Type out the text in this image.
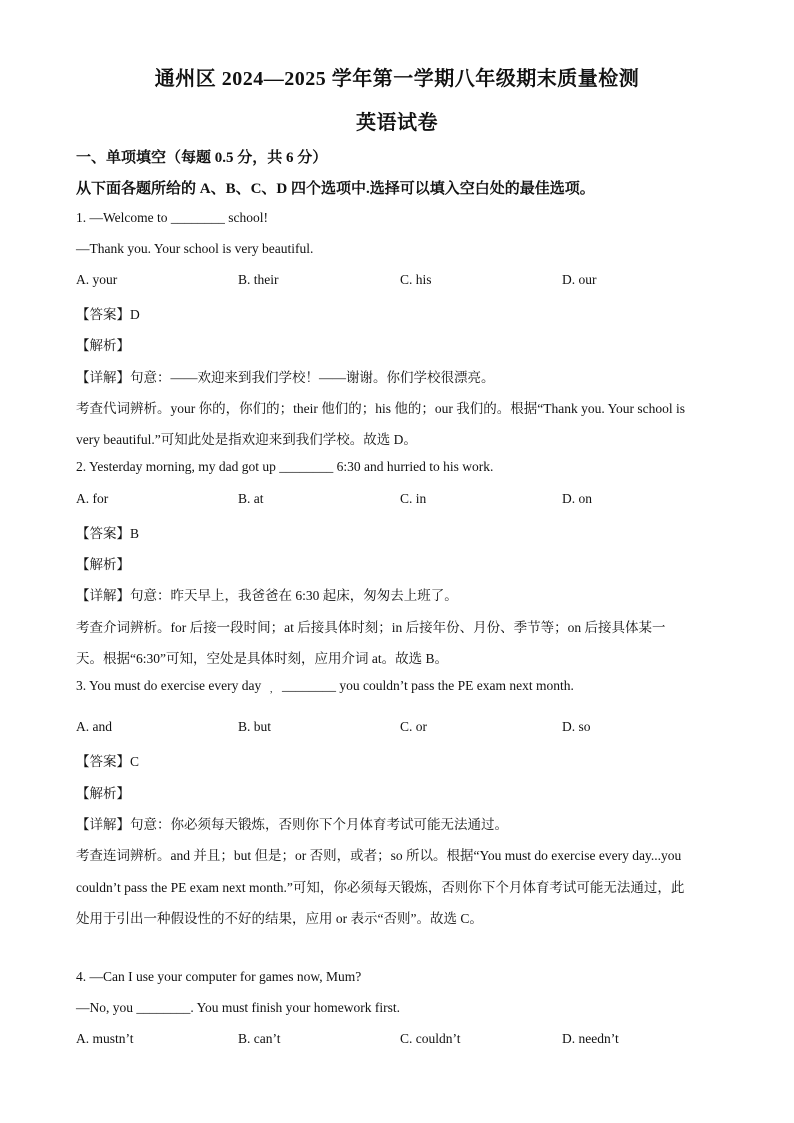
通州区 2024—2025 学年第一学期八年级期末质量检测
英语试卷
一、单项填空（每题 0.5 分，共 6 分）
从下面各题所给的 A、B、C、D 四个选项中.选择可以填入空白处的最佳选项。
1. —Welcome to ________ school!
—Thank you. Your school is very beautiful.
A. your	B. their	C. his	D. our
【答案】D
【解析】
【详解】句意：——欢迎来到我们学校！——谢谢。你们学校很漂亮。
考查代词辨析。your 你的，你们的；their 他们的；his 他的；our 我们的。根据“Thank you. Your school is
very beautiful.”可知此处是指欢迎来到我们学校。故选 D。
2. Yesterday morning, my dad got up ________ 6:30 and hurried to his work.
A. for	B. at	C. in	D. on
【答案】B
【解析】
【详解】句意：昨天早上，我爸爸在 6:30 起床，匆匆去上班了。
考查介词辨析。for 后接一段时间；at 后接具体时刻；in 后接年份、月份、季节等；on 后接具体某一
天。根据“6:30”可知，空处是具体时刻，应用介词 at。故选 B。
3. You must do exercise every day , ________ you couldn’t pass the PE exam next month.
A. and	B. but	C. or	D. so
【答案】C
【解析】
【详解】句意：你必须每天锻炼，否则你下个月体育考试可能无法通过。
考查连词辨析。and 并且；but 但是；or 否则，或者；so 所以。根据“You must do exercise every day...you
couldn’t pass the PE exam next month.”可知，你必须每天锻炼，否则你下个月体育考试可能无法通过，此
处用于引出一种假设性的不好的结果，应用 or 表示“否则”。故选 C。
4. —Can I use your computer for games now, Mum?
—No, you ________. You must finish your homework first.
A. mustn’t	B. can’t	C. couldn’t	D. needn’t
